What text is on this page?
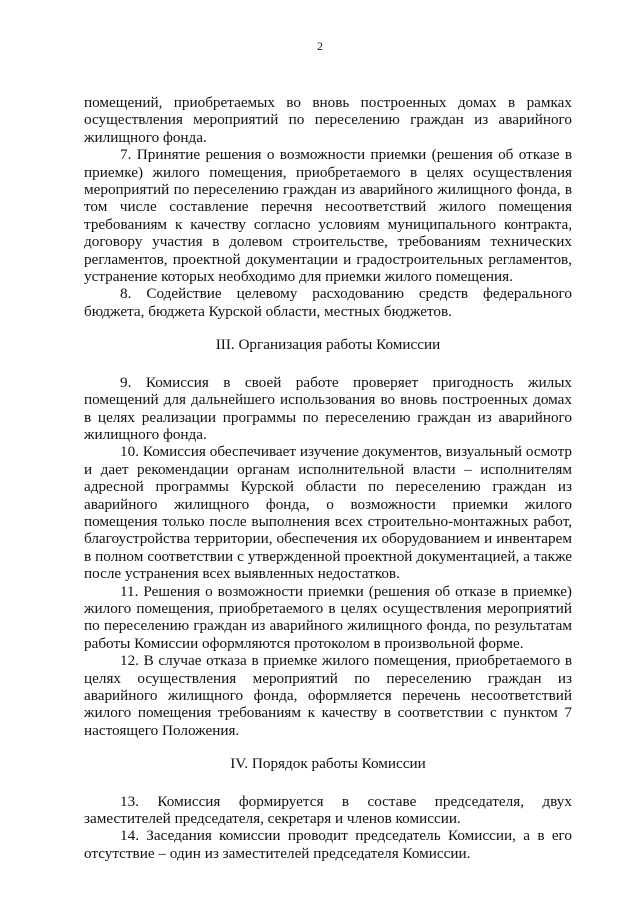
2

помещений, приобретаемых во вновь построенных домах в рамках осуществления мероприятий по переселению граждан из аварийного жилищного фонда.

7. Принятие решения о возможности приемки (решения об отказе в приемке) жилого помещения, приобретаемого в целях осуществления мероприятий по переселению граждан из аварийного жилищного фонда, в том числе составление перечня несоответствий жилого помещения требованиям к качеству согласно условиям муниципального контракта, договору участия в долевом строительстве, требованиям технических регламентов, проектной документации и градостроительных регламентов, устранение которых необходимо для приемки жилого помещения.

8. Содействие целевому расходованию средств федерального бюджета, бюджета Курской области, местных бюджетов.

III. Организация работы Комиссии

9. Комиссия в своей работе проверяет пригодность жилых помещений для дальнейшего использования во вновь построенных домах в целях реализации программы по переселению граждан из аварийного жилищного фонда.

10. Комиссия обеспечивает изучение документов, визуальный осмотр и дает рекомендации органам исполнительной власти – исполнителям адресной программы Курской области по переселению граждан из аварийного жилищного фонда, о возможности приемки жилого помещения только после выполнения всех строительно-монтажных работ, благоустройства территории, обеспечения их оборудованием и инвентарем в полном соответствии с утвержденной проектной документацией, а также после устранения всех выявленных недостатков.

11. Решения о возможности приемки (решения об отказе в приемке) жилого помещения, приобретаемого в целях осуществления мероприятий по переселению граждан из аварийного жилищного фонда, по результатам работы Комиссии оформляются протоколом в произвольной форме.

12. В случае отказа в приемке жилого помещения, приобретаемого в целях осуществления мероприятий по переселению граждан из аварийного жилищного фонда, оформляется перечень несоответствий жилого помещения требованиям к качеству в соответствии с пунктом 7 настоящего Положения.

IV. Порядок работы Комиссии

13. Комиссия формируется в составе председателя, двух заместителей председателя, секретаря и членов комиссии.

14. Заседания комиссии проводит председатель Комиссии, а в его отсутствие – один из заместителей председателя Комиссии.
